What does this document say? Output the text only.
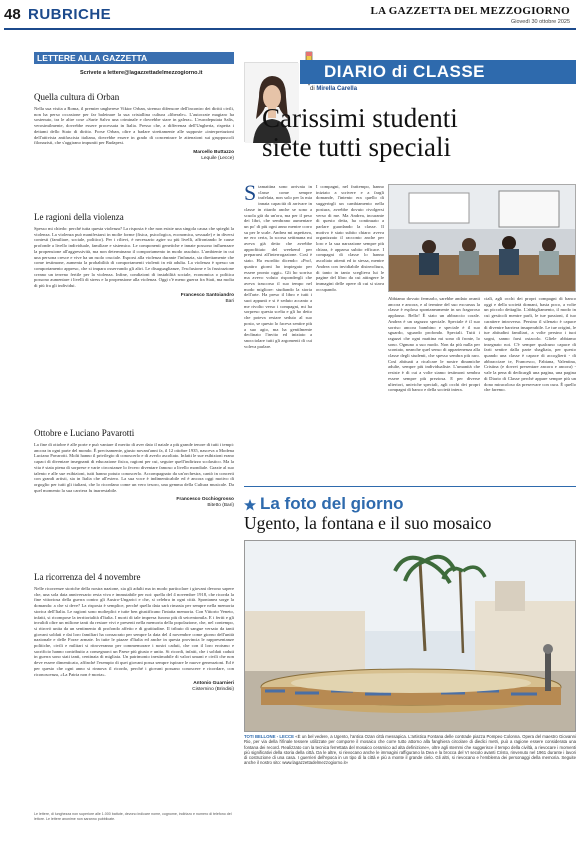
48 RUBRICHE	LA GAZZETTA DEL MEZZOGIORNO
Giovedì 30 ottobre 2025
LETTERE ALLA GAZZETTA
Scrivete a lettere@lagazzettadelmezzogiorno.it
Quella cultura di Orban
Nella sua visita a Roma, il premier ungherese Viktor Orban, strenuo difensore dell'incontro dei diritti civili, non ha perso occasione per far baleinare la sua cristallina cultura «liberale». L'autocrate magiaro ha sostenuto, tra le altre cose «Sarte Salvo una criminale e dovrebbe stare in galera». L'eurodeputata Salis, verosimilmente, dovrebbe essere processata in Italia. Presso che, a differenza dell'Ungheria, rispetta i dettami dello Stato di diritto. Forse Orban, oltre a badare strettamente alle supposte «interpretazioni dell'attivista antifascista italiana, dovrebbe essere in grado di concentrare le attenzioni sui gruppuscoli filonazisti, che s'aggirano impuniti per Budapest.
Marcello Buttazzo
Lequile (Lecce)
Le ragioni della violenza
Spesso mi chiedo: perché tutta questa violenza? La risposta è che non esiste una singola causa che spieghi la violenza. La violenza può manifestarsi in molte forme (fisica, psicologica, economica, sessuale) e in diversi contesti (familiare, sociale, politico). Per i rilievi, è necessario agire su più livelli, affrontando le cause profonde a livello individuale, familiare e sistemico. Le componenti genetiche e innate possono influenzare la propensione all'aggressività, ma non determinano il comportamento in modo assoluto. L'ambiente in cui una persona cresce e vive ha un ruolo cruciale. Esporsi alla violenza durante l'infanzia, sia direttamente che come testimone, aumenta la probabilità di comportamenti violenti in età adulta. La violenza è spesso un comportamento appreso, che si impara osservando gli altri. Le disuguaglianze, l'esclusione e la frustrazione creano un terreno fertile per la violenza. Infine, condizioni di instabilità sociale, economica o politica possono aumentare i livelli di stress e la propensione alla violenza. Oggi c'è meno guerra fra Stati, ma molta di più fra gli individui.
Francesco Santoiandro
Bari
Ottobre e Luciano Pavarotti
La fine di ottobre è alle porte e può vantare il merito di aver dato il natale a più grande tenore di tutti i tempi: ancora in ogni parte del mondo. È precisamente, giusto novant'anni fa, il 12 ottobre 1935, nasceva a Modena Luciano Pavarotti. Molti hanno il privilegio di conoscerlo e di averlo ascoltato. Infatti le sue esibizioni erano capaci di diventare insegnanti di educazione fisica, ragioni per cui, seguire quell'indirizzo scolastico. Ma la vita è stata piena di sorprese e varie circostanze lo fecero diventare famoso a livello mondiale. Grazie al suo talento e alle sue esibizioni, tutti hanno potuto conoscerlo. Accompagnato da un'orchestra, cantò in concerti con grandi artisti, sia in Italia che all'estero. La sua voce è indimenticabile ed è ancora oggi motivo di orgoglio per tutti gli italiani, che lo ricordano come un vero tesoro, una gemma della Cultura musicale. Da quel momento la sua carriera fu inarrestabile.
Francesco Occhiogrosso
Bitetto (Bari)
La ricorrenza del 4 novembre
Nelle ricorrenze storiche della nostra nazione, sia gli adulti ma in modo particolare i giovani devono sapere che, una sola data anniversario resta viva e immutabile per noi: quella del 4 novembre 1918, che ricorda la fine vittoriosa della guerra contro gli Austro-Ungarici e che, si celebra in ogni città. Spontanea sorge la domanda: a che si deve? La risposta è semplice, perché quella data sarà rimasta per sempre nella memoria storica dell'Italia. Le ragioni sono molteplici e tutte ben giustificano l'intatta memoria. Con Vittorio Veneto, infatti, si ricompose la territorialità d'Italia. I morti di tale impresa furono più di seicentomila. E i feriti e gli invalidi oltre un milione tanti da restare vivi e presenti nella memoria della popolazione, che, nel contempo, si ritrovò unita da un sentimento di profondo affetto e di gratitudine. Il tributo di sangue versato da tanti giovani soldati e dai loro familiari ha consacrato per sempre la data del 4 novembre come giorno dell'unità nazionale e delle Forze armate. In tutte le piazze d'Italia ed anche in questa provincia le rappresentanze politiche, civili e militari si ritroveranno per commemorare i nostri caduti, che con il loro eroismo e sacrificio hanno contribuito a consegnarci un Paese più giusto e unito. Si ricordi, infatti, che i soldati caduti in guerra sono stati tanti, centinaia di migliaia. Un patrimonio inestimabile di valori umani e civili che non deve essere dimenticato, affinché l'esempio di quei giovani possa sempre ispirare le nuove generazioni. Ed è per questo che ogni anno si rinnova il ricordo, perché i giovani possano conoscere e ricordare, con riconoscenza, «La Patria non è morta».
Antonio Guarnieri
Cisternino (Brindisi)
Le lettere, di lunghezza non superiore alle 1.000 battute, devono indicare nome, cognome, indirizzo e numero di telefono del lettore. Le lettere anonime non saranno pubblicate.
DIARIO di CLASSE
di Mirella Carella
Carissimi studenti
siete tutti speciali
Stamattina sono arrivata in classe come sempre trafelata, non solo per la mia innata capacità di arrivare in classe in ritardo anche se sono a scuola già da un'ora, ma per il peso dei libri, che sembrano aumentare un po' di più ogni anno mentre corro su per le scale. Andrea mi aspettava, ne ero certa, la scorsa settimana mi aveva già detto che avrebbe approfittato del weekend per prepararsi all'interrogazione. Così è stato. Ha esordito dicendo: «Prof, quattro giorni ho impiegato per essere pronto oggi». Gli ho sorriso ma avevo voluto rispondergli che aveva trascorso il suo tempo nel modo migliore: studiando la storia dell'arte. Ha preso il libro e tutti i suoi appunti e si è seduto accanto a me rivolto verso i compagni, mi ha sorpreso questa scelta e gli ho detto che poteva restare seduto al suo posto, se questo lo faceva sentire più a suo agio, ma ha gentilmente declinato l'invito ed iniziato a snocciolare tutti gli argomenti di cui voleva parlare.
I compagni, nel frattempo, hanno iniziato a scrivere e a fargli domande, l'intento era quello di suggerirgli un cambiamento nella postura, avrebbe dovuto rivolgersi verso di me. Ma Andrea, incurante di questo detta, ha continuato a parlare guardando la classe. Il motivo è stato subito chiaro: aveva organizzato il racconto anche per loro e la sua narrazione sempre più chiara, è apparsa subito efficace. I compagni di classe lo hanno ascoltato attenti ed io stessa, mentre Andrea con invidiabile disinvoltura, di tanto in tanto sceglieva lui le pagine del libro da cui attingere le immagini delle opere di cui si stava occupando.
Abbiamo dovuto fermarlo, sarebbe andato avanti ancora e ancora, e al termine del suo excursus la classe è esplosa spontaneamente in un fragoroso applauso. Bello! È stato un abbraccio corale. Andrea è un ragazzo speciale. Speciale è il suo sorriso ancora bambino e speciale è il suo sguardo, sguardo profondo. Speciali. Tutti i ragazzi che ogni mattina mi sono di fronte, lo sono. Ognuno a suo modo. Non da più nulla per scontato, neanche quel senso di appartenenza alla classe degli studenti, che spesso sembra più raro. Così abituati a ricalcare le nostre dinamiche adulte, sempre più individualiste. L'umanità che resiste è di cui a volte siamo testimoni sembra essere sempre più preziosa. E per diverse ulteriori, univiche speciali, agli occhi dei propri compagni di banco e della società intera.
cialì, agli occhi dei propri compagni di banco oggi e della società domani, basta poco, a volte un piccolo dettaglio. L'abbigliamento, il modo in cui gesticoli mentre parli, le tue passioni, il tuo carattere introverso. Persino il silenzio è capace di divenire barriera insuperabile. Le tue origini, le tue abitudini familiari, a volte persino i tuoi sogni, sanno farsi ostacolo. Gliele abbiamo insegnato noi. C'è sempre qualcuno capace di farti sentire dalla parte sbagliata, per questo quando una classe è capace di accoglierti - di abbracciare te, Francesco, Fabiana, Valentina, Cristina (e dovrei presentare ancora e ancora) - vale la pena di dedicargli una pagina, una pagina di Diario di Classe perché appare sempre più un dono miracoloso da preservare con cura. È quello che faremo.
La foto del giorno
Ugento, la fontana e il suo mosaico
TOTI BELLONE - LECCE «È un bel vedere, a Ugento, l'antica Ozan città messapica. L'artistica Fontana delle contrade piazza Pompeo Colonna. Opera del maestro Giovanni Rio, per via della l'ifinale tessere utilizzate per comporre il mosaico che corre tutto attorno alla fanghiera circolare di diedici metri, può a ragione essere considerata una fontana dei record. Realizzato con la tecnica ferrettata del mosaico ceramico ad alta definizione», oltre agli stemmi che suggerisce il tempo della civiltà, a rievocare i momenti più significativi della storia della città. Da le altre, si rievocano anche le immagini raffigurano la Dea e la brocca del VI secolo avanti Cristo, rinvenuto nel 1961 durante i lavori di costruzione di una casa. I guerrieri dell'epoca in un tipo di la città e più a monte il grande cielo. Gli altri, si rievocano e l'emblema dei personaggi della memoria. Seguite anche il nostro sito: www.lagazzettadelmezzogiorno.it»
